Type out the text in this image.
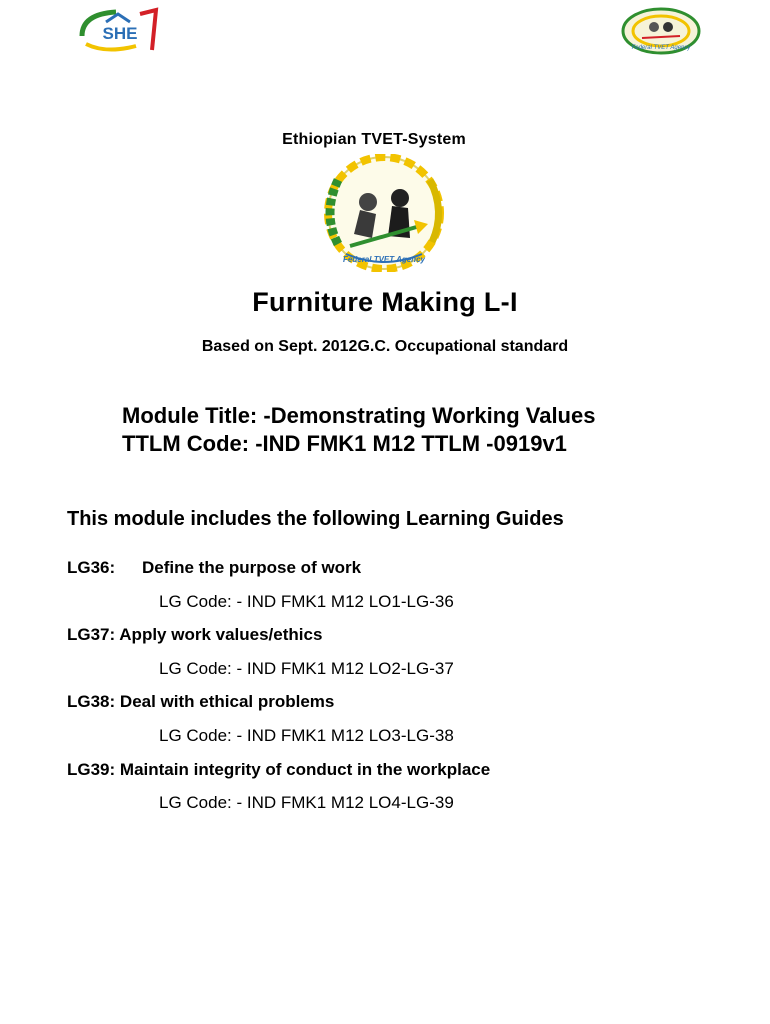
SHE
Federal TVET Agency
Ethiopian TVET-System
Federal TVET Agency
Furniture Making L-I
Based on Sept. 2012G.C. Occupational standard
Module Title: -Demonstrating Working Values
TTLM Code: -IND FMK1 M12 TTLM -0919v1
This module includes the following Learning Guides
LG36: Define the purpose of work
LG Code: - IND FMK1 M12 LO1-LG-36
LG37: Apply work values/ethics
LG Code: - IND FMK1 M12 LO2-LG-37
LG38: Deal with ethical problems
LG Code: - IND FMK1 M12 LO3-LG-38
LG39: Maintain integrity of conduct in the workplace
LG Code: - IND FMK1 M12 LO4-LG-39
